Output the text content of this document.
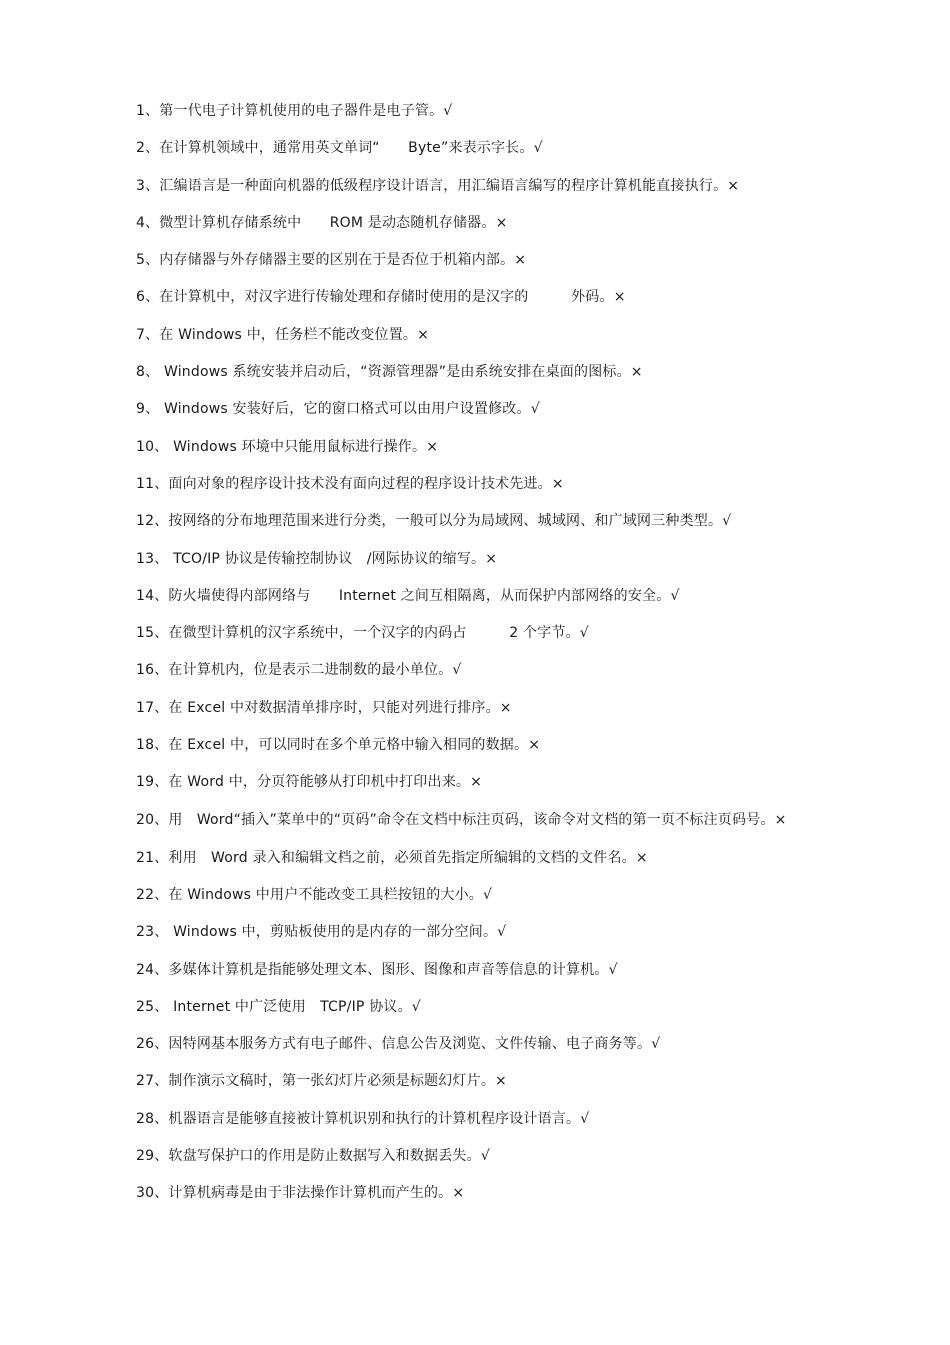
1、第一代电子计算机使用的电子器件是电子管。√
2、在计算机领域中，通常用英文单词“　　Byte”来表示字长。√
3、汇编语言是一种面向机器的低级程序设计语言，用汇编语言编写的程序计算机能直接执行。×
4、微型计算机存储系统中　　ROM 是动态随机存储器。×
5、内存储器与外存储器主要的区别在于是否位于机箱内部。×
6、在计算机中，对汉字进行传输处理和存储时使用的是汉字的　　　外码。×
7、在 Windows 中，任务栏不能改变位置。×
8、 Windows 系统安装并启动后，“资源管理器”是由系统安排在桌面的图标。×
9、 Windows 安装好后，它的窗口格式可以由用户设置修改。√
10、 Windows 环境中只能用鼠标进行操作。×
11、面向对象的程序设计技术没有面向过程的程序设计技术先进。×
12、按网络的分布地理范围来进行分类，一般可以分为局域网、城域网、和广域网三种类型。√
13、 TCO/IP 协议是传输控制协议　/网际协议的缩写。×
14、防火墙使得内部网络与　　Internet 之间互相隔离，从而保护内部网络的安全。√
15、在微型计算机的汉字系统中，一个汉字的内码占　　　2 个字节。√
16、在计算机内，位是表示二进制数的最小单位。√
17、在 Excel 中对数据清单排序时，只能对列进行排序。×
18、在 Excel 中，可以同时在多个单元格中输入相同的数据。×
19、在 Word 中，分页符能够从打印机中打印出来。×
20、用　Word“插入”菜单中的“页码”命令在文档中标注页码，该命令对文档的第一页不标注页码号。×
21、利用　Word 录入和编辑文档之前，必须首先指定所编辑的文档的文件名。×
22、在 Windows 中用户不能改变工具栏按钮的大小。√
23、 Windows 中，剪贴板使用的是内存的一部分空间。√
24、多媒体计算机是指能够处理文本、图形、图像和声音等信息的计算机。√
25、 Internet 中广泛使用　TCP/IP 协议。√
26、因特网基本服务方式有电子邮件、信息公告及浏览、文件传输、电子商务等。√
27、制作演示文稿时，第一张幻灯片必须是标题幻灯片。×
28、机器语言是能够直接被计算机识别和执行的计算机程序设计语言。√
29、软盘写保护口的作用是防止数据写入和数据丢失。√
30、计算机病毒是由于非法操作计算机而产生的。×
